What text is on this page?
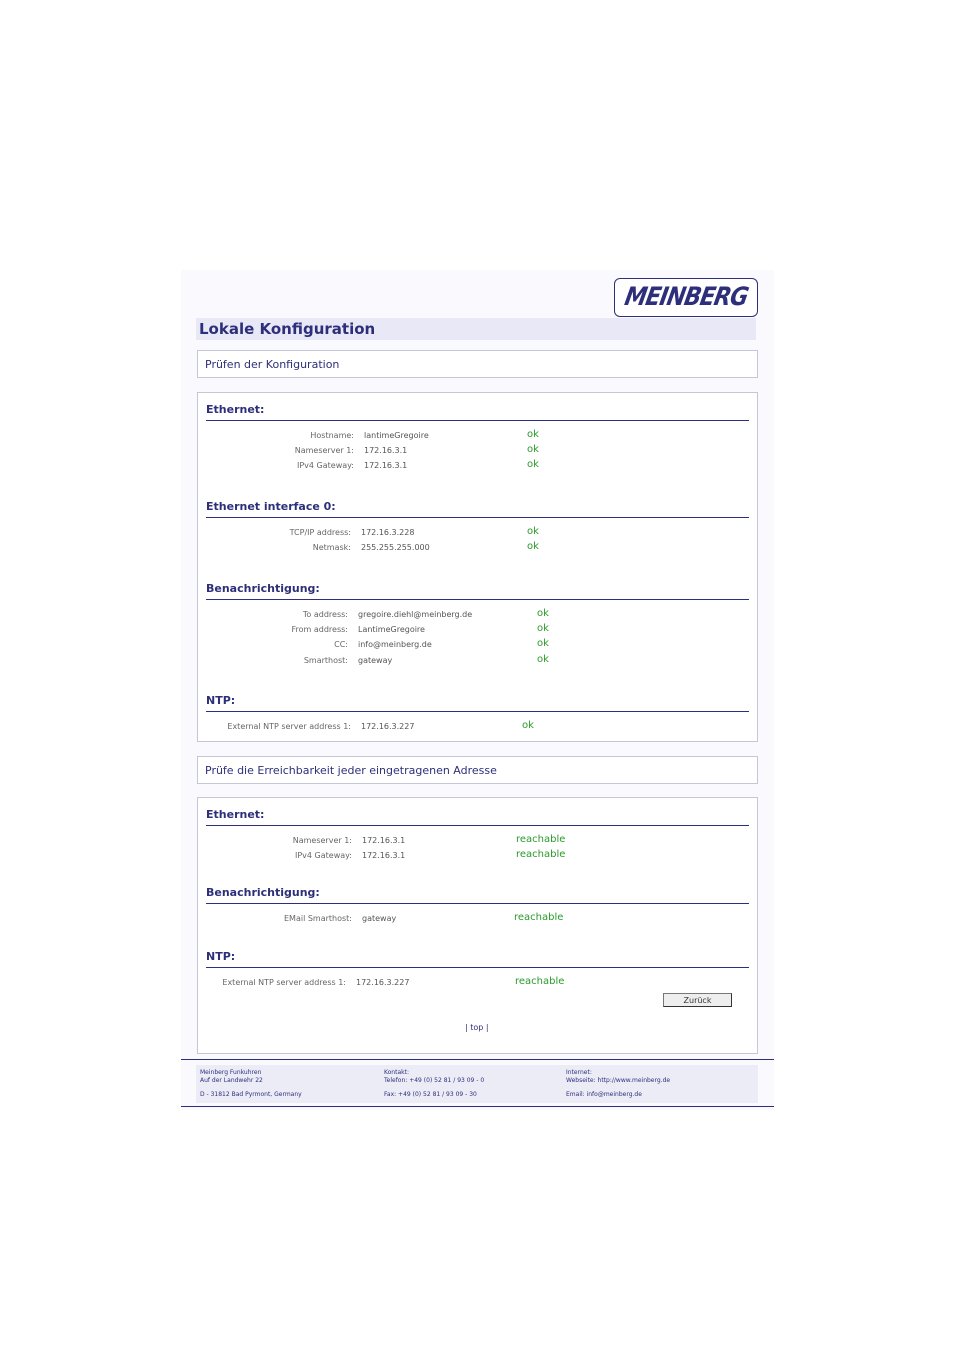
MEINBERG
Lokale Konfiguration
Prüfen der Konfiguration
Ethernet:
Hostname: lantimeGregoire	ok
Nameserver 1: 172.16.3.1	ok
IPv4 Gateway: 172.16.3.1	ok
Ethernet interface 0:
TCP/IP address: 172.16.3.228	ok
Netmask: 255.255.255.000	ok
Benachrichtigung:
To address: gregoire.diehl@meinberg.de	ok
From address: LantimeGregoire	ok
CC: info@meinberg.de	ok
Smarthost: gateway	ok
NTP:
External NTP server address 1: 172.16.3.227	ok
Prüfe die Erreichbarkeit jeder eingetragenen Adresse
Ethernet:
Nameserver 1: 172.16.3.1	reachable
IPv4 Gateway: 172.16.3.1	reachable
Benachrichtigung:
EMail Smarthost: gateway	reachable
NTP:
External NTP server address 1: 172.16.3.227	reachable
Zurück
| top |
Meinberg Funkuhren
Auf der Landwehr 22
D - 31812 Bad Pyrmont, Germany
Kontakt:
Telefon: +49 (0) 52 81 / 93 09 - 0
Fax: +49 (0) 52 81 / 93 09 - 30
Internet:
Webseite: http://www.meinberg.de
Email: info@meinberg.de
